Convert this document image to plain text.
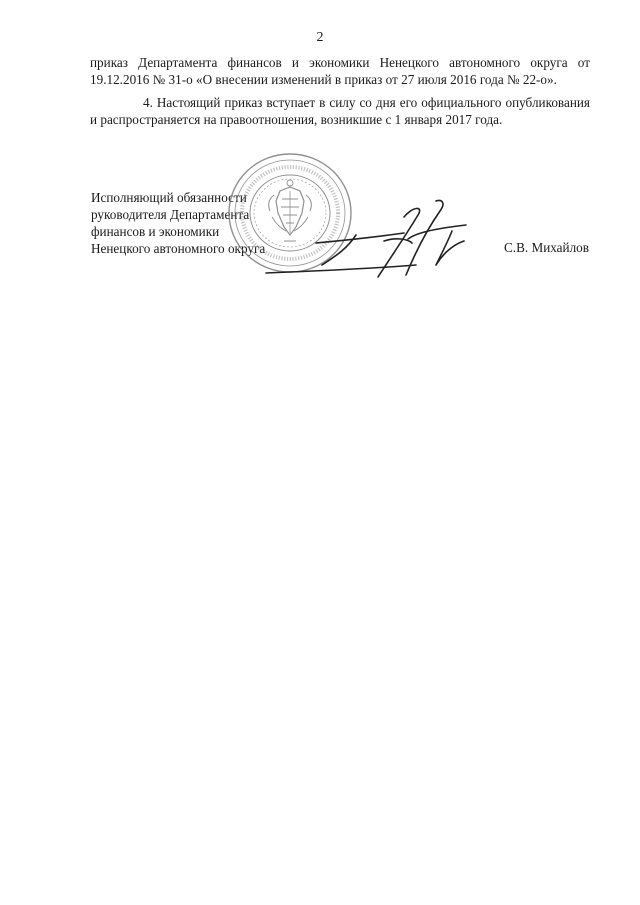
2

приказ Департамента финансов и экономики Ненецкого автономного округа от 19.12.2016 № 31-о «О внесении изменений в приказ от 27 июля 2016 года № 22-о».

4. Настоящий приказ вступает в силу со дня его официального опубликования и распространяется на правоотношения, возникшие с 1 января 2017 года.

Исполняющий обязанности
руководителя Департамента
финансов и экономики
Ненецкого автономного округа	С.В. Михайлов
